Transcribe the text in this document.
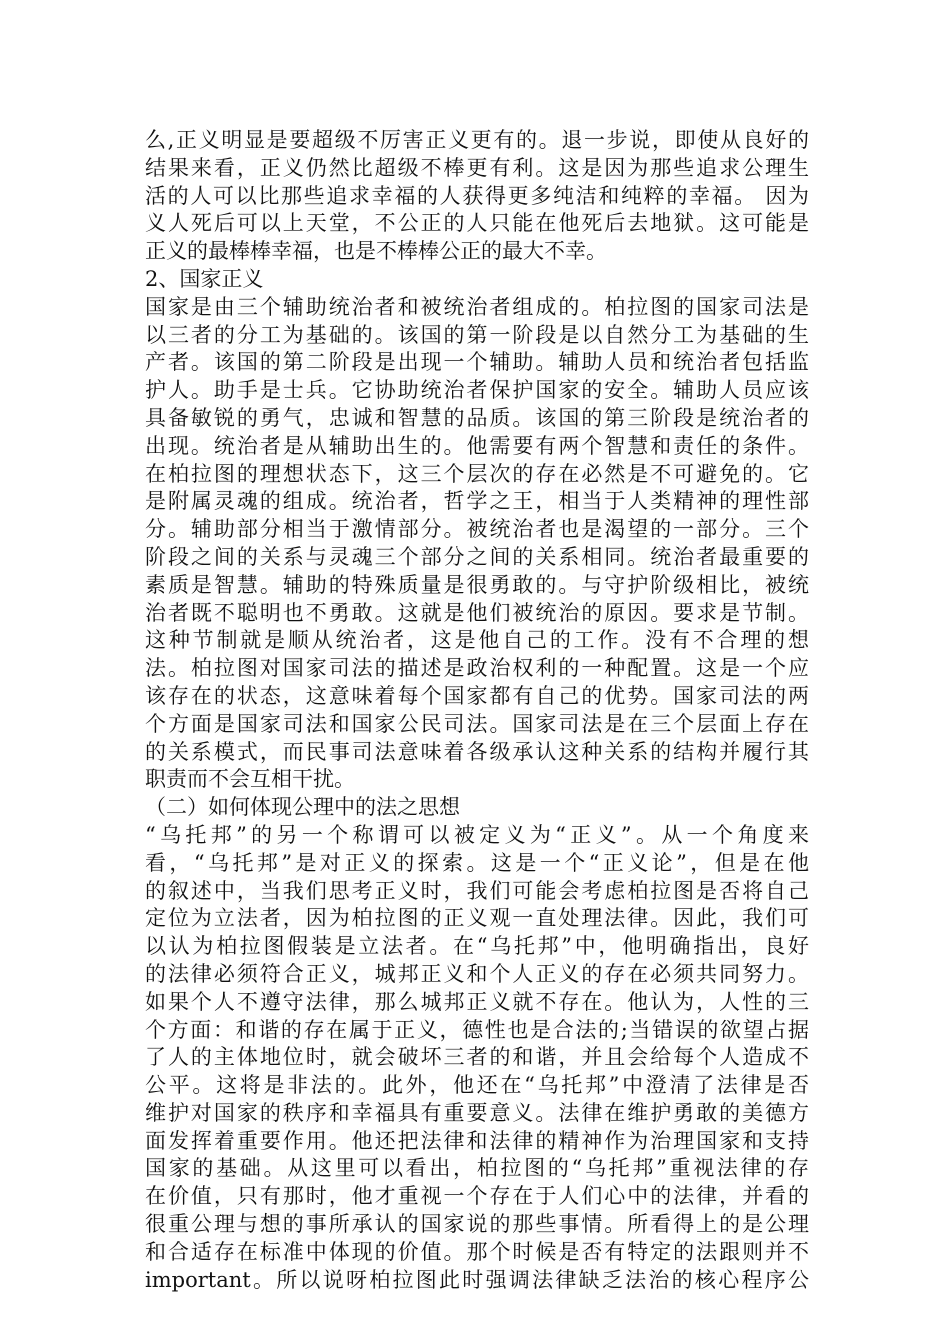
么,正义明显是要超级不厉害正义更有的。退一步说，即使从良好的
结果来看，正义仍然比超级不棒更有利。这是因为那些追求公理生
活的人可以比那些追求幸福的人获得更多纯洁和纯粹的幸福。 因为
义人死后可以上天堂，不公正的人只能在他死后去地狱。这可能是
正义的最棒棒幸福，也是不棒棒公正的最大不幸。
2、国家正义
国家是由三个辅助统治者和被统治者组成的。柏拉图的国家司法是
以三者的分工为基础的。该国的第一阶段是以自然分工为基础的生
产者。该国的第二阶段是出现一个辅助。辅助人员和统治者包括监
护人。助手是士兵。它协助统治者保护国家的安全。辅助人员应该
具备敏锐的勇气，忠诚和智慧的品质。该国的第三阶段是统治者的
出现。统治者是从辅助出生的。他需要有两个智慧和责任的条件。
在柏拉图的理想状态下，这三个层次的存在必然是不可避免的。它
是附属灵魂的组成。统治者，哲学之王，相当于人类精神的理性部
分。辅助部分相当于激情部分。被统治者也是渴望的一部分。三个
阶段之间的关系与灵魂三个部分之间的关系相同。统治者最重要的
素质是智慧。辅助的特殊质量是很勇敢的。与守护阶级相比，被统
治者既不聪明也不勇敢。这就是他们被统治的原因。要求是节制。
这种节制就是顺从统治者，这是他自己的工作。没有不合理的想
法。柏拉图对国家司法的描述是政治权利的一种配置。这是一个应
该存在的状态，这意味着每个国家都有自己的优势。国家司法的两
个方面是国家司法和国家公民司法。国家司法是在三个层面上存在
的关系模式，而民事司法意味着各级承认这种关系的结构并履行其
职责而不会互相干扰。
（二）如何体现公理中的法之思想
“乌托邦”的另一个称谓可以被定义为“正义”。从一个角度来
看，“乌托邦”是对正义的探索。这是一个“正义论”，但是在他
的叙述中，当我们思考正义时，我们可能会考虑柏拉图是否将自己
定位为立法者，因为柏拉图的正义观一直处理法律。因此，我们可
以认为柏拉图假装是立法者。在“乌托邦”中，他明确指出，良好
的法律必须符合正义，城邦正义和个人正义的存在必须共同努力。
如果个人不遵守法律，那么城邦正义就不存在。他认为，人性的三
个方面：和谐的存在属于正义，德性也是合法的;当错误的欲望占据
了人的主体地位时，就会破坏三者的和谐，并且会给每个人造成不
公平。这将是非法的。此外，他还在“乌托邦”中澄清了法律是否
维护对国家的秩序和幸福具有重要意义。法律在维护勇敢的美德方
面发挥着重要作用。他还把法律和法律的精神作为治理国家和支持
国家的基础。从这里可以看出，柏拉图的“乌托邦”重视法律的存
在价值，只有那时，他才重视一个存在于人们心中的法律，并看的
很重公理与想的事所承认的国家说的那些事情。所看得上的是公理
和合适存在标准中体现的价值。那个时候是否有特定的法跟则并不
important。所以说呀柏拉图此时强调法律缺乏法治的核心程序公
